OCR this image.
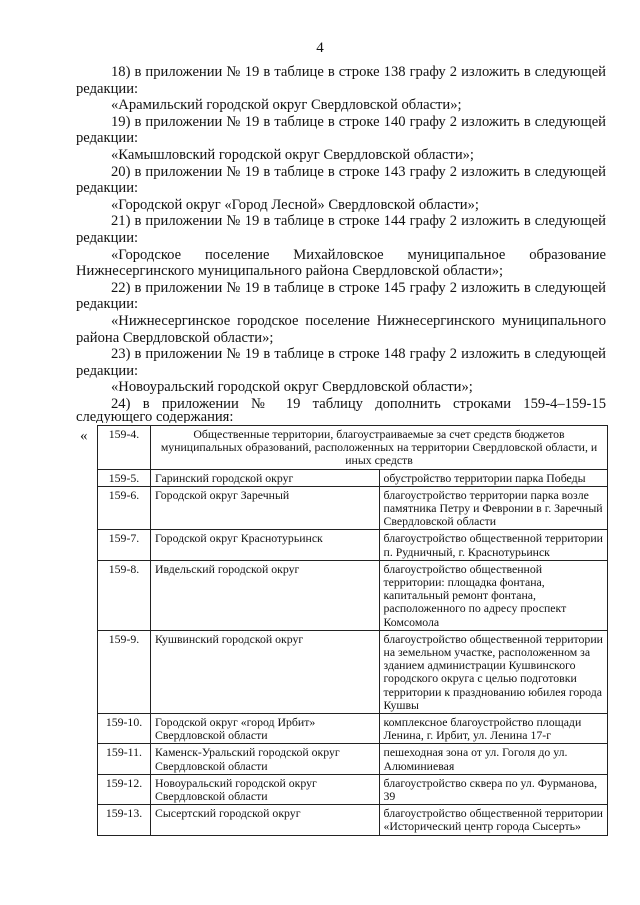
4

18) в приложении № 19 в таблице в строке 138 графу 2 изложить в следующей редакции:

«Арамильский городской округ Свердловской области»;

19) в приложении № 19 в таблице в строке 140 графу 2 изложить в следующей редакции:

«Камышловский городской округ Свердловской области»;

20) в приложении № 19 в таблице в строке 143 графу 2 изложить в следующей редакции:

«Городской округ «Город Лесной» Свердловской области»;

21) в приложении № 19 в таблице в строке 144 графу 2 изложить в следующей редакции:

«Городское поселение Михайловское муниципальное образование Нижнесергинского муниципального района Свердловской области»;

22) в приложении № 19 в таблице в строке 145 графу 2 изложить в следующей редакции:

«Нижнесергинское городское поселение Нижнесергинского муниципального района Свердловской области»;

23) в приложении № 19 в таблице в строке 148 графу 2 изложить в следующей редакции:

«Новоуральский городской округ Свердловской области»;

24) в приложении № 19 таблицу дополнить строками 159-4–159-15

следующего содержания:

« 159-4.	Общественные территории, благоустраиваемые за счет средств бюджетов муниципальных образований, расположенных на территории Свердловской области, и иных средств	
159-5.	Гаринский городской округ	обустройство территории парка Победы
159-6.	Городской округ Заречный	благоустройство территории парка возле памятника Петру и Февронии в г. Заречный Свердловской области
159-7.	Городской округ Краснотурьинск	благоустройство общественной территории п. Рудничный, г. Краснотурьинск
159-8.	Ивдельский городской округ	благоустройство общественной территории: площадка фонтана, капитальный ремонт фонтана, расположенного по адресу проспект Комсомола
159-9.	Кушвинский городской округ	благоустройство общественной территории на земельном участке, расположенном за зданием администрации Кушвинского городского округа с целью подготовки территории к празднованию юбилея города Кушвы
159-10.	Городской округ «город Ирбит» Свердловской области	комплексное благоустройство площади Ленина, г. Ирбит, ул. Ленина 17-г
159-11.	Каменск-Уральский городской округ Свердловской области	пешеходная зона от ул. Гоголя до ул. Алюминиевая
159-12.	Новоуральский городской округ Свердловской области	благоустройство сквера по ул. Фурманова, 39
159-13.	Сысертский городской округ	благоустройство общественной территории «Исторический центр города Сысерть»
